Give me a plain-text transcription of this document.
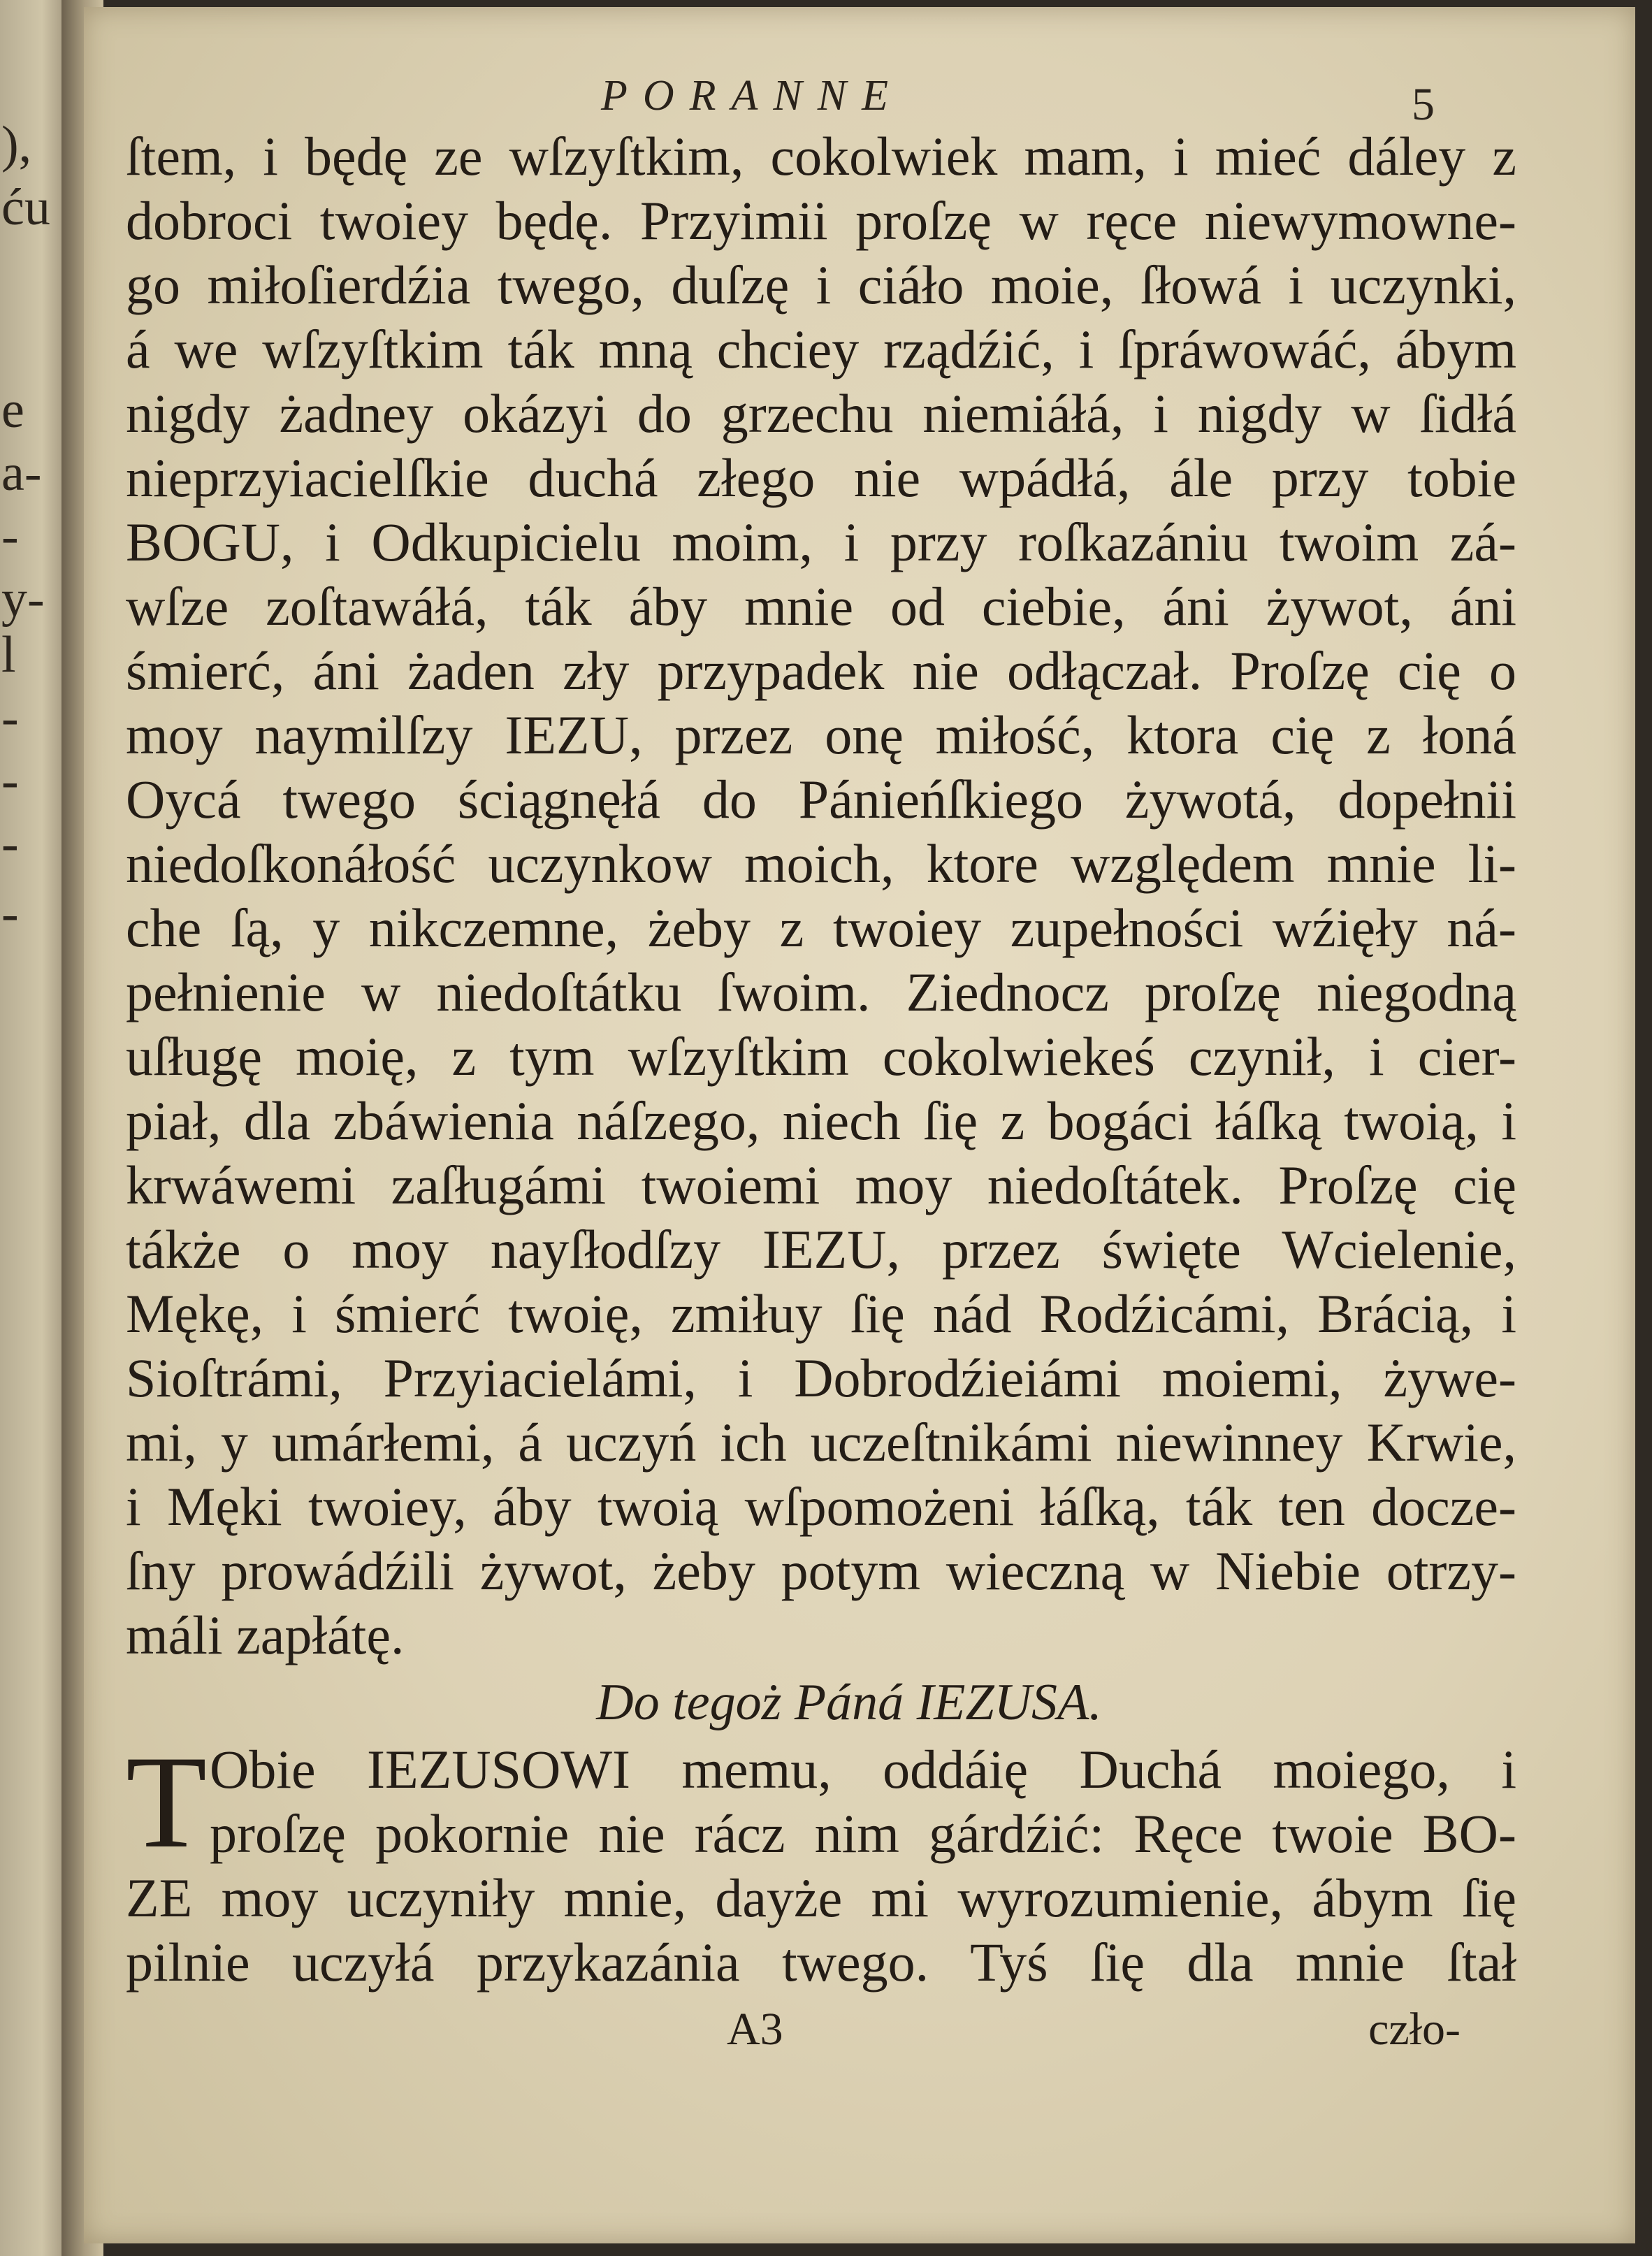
),
ću
e
a-
-
y-
l
-
-
-
-
PORANNE	5
ſtem, i będę ze wſzyſtkim, cokolwiek mam, i mieć dáley z
dobroci twoiey będę. Przyimii proſzę w ręce niewymowne-
go miłoſierdźia twego, duſzę i ciáło moie, ſłowá i uczynki,
á we wſzyſtkim ták mną chciey rządźić, i ſpráwowáć, ábym
nigdy żadney okázyi do grzechu niemiáłá, i nigdy w ſidłá
nieprzyiacielſkie duchá złego nie wpádłá, ále przy tobie
BOGU, i Odkupicielu moim, i przy roſkazániu twoim zá-
wſze zoſtawáłá, ták áby mnie od ciebie, áni żywot, áni
śmierć, áni żaden zły przypadek nie odłączał. Proſzę cię o
moy naymilſzy IEZU, przez onę miłość, ktora cię z łoná
Oycá twego ściągnęłá do Pánieńſkiego żywotá, dopełnii
niedoſkonáłość uczynkow moich, ktore względem mnie li-
che ſą, y nikczemne, żeby z twoiey zupełności wźięły ná-
pełnienie w niedoſtátku ſwoim. Ziednocz proſzę niegodną
uſługę moię, z tym wſzyſtkim cokolwiekeś czynił, i cier-
piał, dla zbáwienia náſzego, niech ſię z bogáci łáſką twoią, i
krwáwemi zaſługámi twoiemi moy niedoſtátek. Proſzę cię
tákże o moy nayſłodſzy IEZU, przez święte Wcielenie,
Mękę, i śmierć twoię, zmiłuy ſię nád Rodźicámi, Brácią, i
Sioſtrámi, Przyiacielámi, i Dobrodźieiámi moiemi, żywe-
mi, y umárłemi, á uczyń ich uczeſtnikámi niewinney Krwie,
i Męki twoiey, áby twoią wſpomożeni łáſką, ták ten docze-
ſny prowádźili żywot, żeby potym wieczną w Niebie otrzy-
máli zapłátę.
Do tegoż Páná IEZUSA.
T Obie IEZUSOWI memu, oddáię Duchá moiego, i
proſzę pokornie nie rácz nim gárdźić: Ręce twoie BO-
ZE moy uczyniły mnie, dayże mi wyrozumienie, ábym ſię
pilnie uczyłá przykazánia twego. Tyś ſię dla mnie ſtał
A3	czło-
